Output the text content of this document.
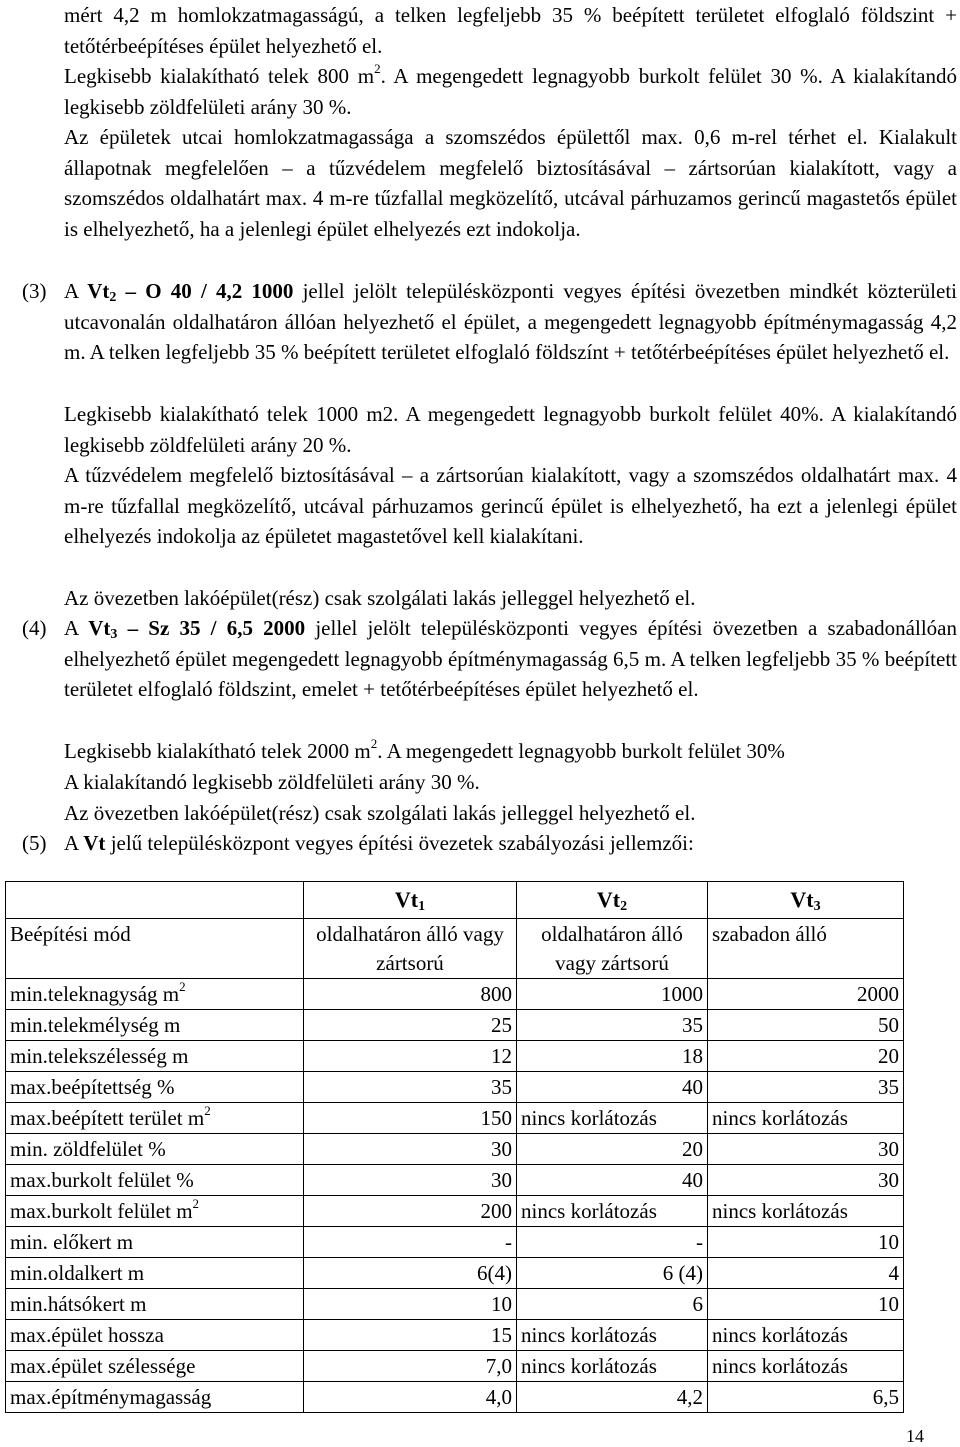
mért 4,2 m homlokzatmagasságú, a telken legfeljebb 35 % beépített területet elfoglaló földszint + tetőtérbeépítéses épület helyezhető el.
Legkisebb kialakítható telek 800 $m^2$. A megengedett legnagyobb burkolt felület 30 %. A kialakítandó legkisebb zöldfelületi arány 30 %.
Az épületek utcai homlokzatmagassága a szomszédos épülettől max. 0,6 m-rel térhet el. Kialakult állapotnak megfelelően – a tűzvédelem megfelelő biztosításával – zártsorúan kialakított, vagy a szomszédos oldalhatárt max. 4 m-re tűzfallal megközelítő, utcával párhuzamos gerincű magastetős épület is elhelyezhető, ha a jelenlegi épület elhelyezés ezt indokolja.
(3) A $Vt_2$ – O 40 / 4,2 1000 jellel jelölt településközponti vegyes építési övezetben mindkét közterületi utcavonalán oldalhatáron állóan helyezhető el épület, a megengedett legnagyobb építménymagasság 4,2 m. A telken legfeljebb 35 % beépített területet elfoglaló földszínt + tetőtérbeépítéses épület helyezhető el.
Legkisebb kialakítható telek 1000 m2. A megengedett legnagyobb burkolt felület 40%. A kialakítandó legkisebb zöldfelületi arány 20 %.
A tűzvédelem megfelelő biztosításával – a zártsorúan kialakított, vagy a szomszédos oldalhatárt max. 4 m-re tűzfallal megközelítő, utcával párhuzamos gerincű épület is elhelyezhető, ha ezt a jelenlegi épület elhelyezés indokolja az épületet magastetővel kell kialakítani.
Az övezetben lakóépület(rész) csak szolgálati lakás jelleggel helyezhető el.
(4) A $Vt_3$ – Sz 35 / 6,5 2000 jellel jelölt településközponti vegyes építési övezetben a szabadonállóan elhelyezhető épület megengedett legnagyobb építménymagasság 6,5 m. A telken legfeljebb 35 % beépített területet elfoglaló földszint, emelet + tetőtérbeépítéses épület helyezhető el.
Legkisebb kialakítható telek 2000 $m^2$. A megengedett legnagyobb burkolt felület 30%
A kialakítandó legkisebb zöldfelületi arány 30 %.
Az övezetben lakóépület(rész) csak szolgálati lakás jelleggel helyezhető el.
(5) A Vt jelű településközpont vegyes építési övezetek szabályozási jellemzői:
	$Vt_1$	$Vt_2$	$Vt_3$
Beépítési mód	oldalhatáron álló vagy zártsorú	oldalhatáron álló vagy zártsorú	szabadon álló
min.teleknagyság $m^2$	800	1000	2000
min.telekmélység m	25	35	50
min.telekszélesség m	12	18	20
max.beépítettség %	35	40	35
max.beépített terület $m^2$	150	nincs korlátozás	nincs korlátozás
min. zöldfelület %	30	20	30
max.burkolt felület %	30	40	30
max.burkolt felület $m^2$	200	nincs korlátozás	nincs korlátozás
min. előkert m	-	-	10
min.oldalkert m	6(4)	6 (4)	4
min.hátsókert m	10	6	10
max.épület hossza	15	nincs korlátozás	nincs korlátozás
max.épület szélessége	7,0	nincs korlátozás	nincs korlátozás
max.építménymagasság	4,0	4,2	6,5
14
